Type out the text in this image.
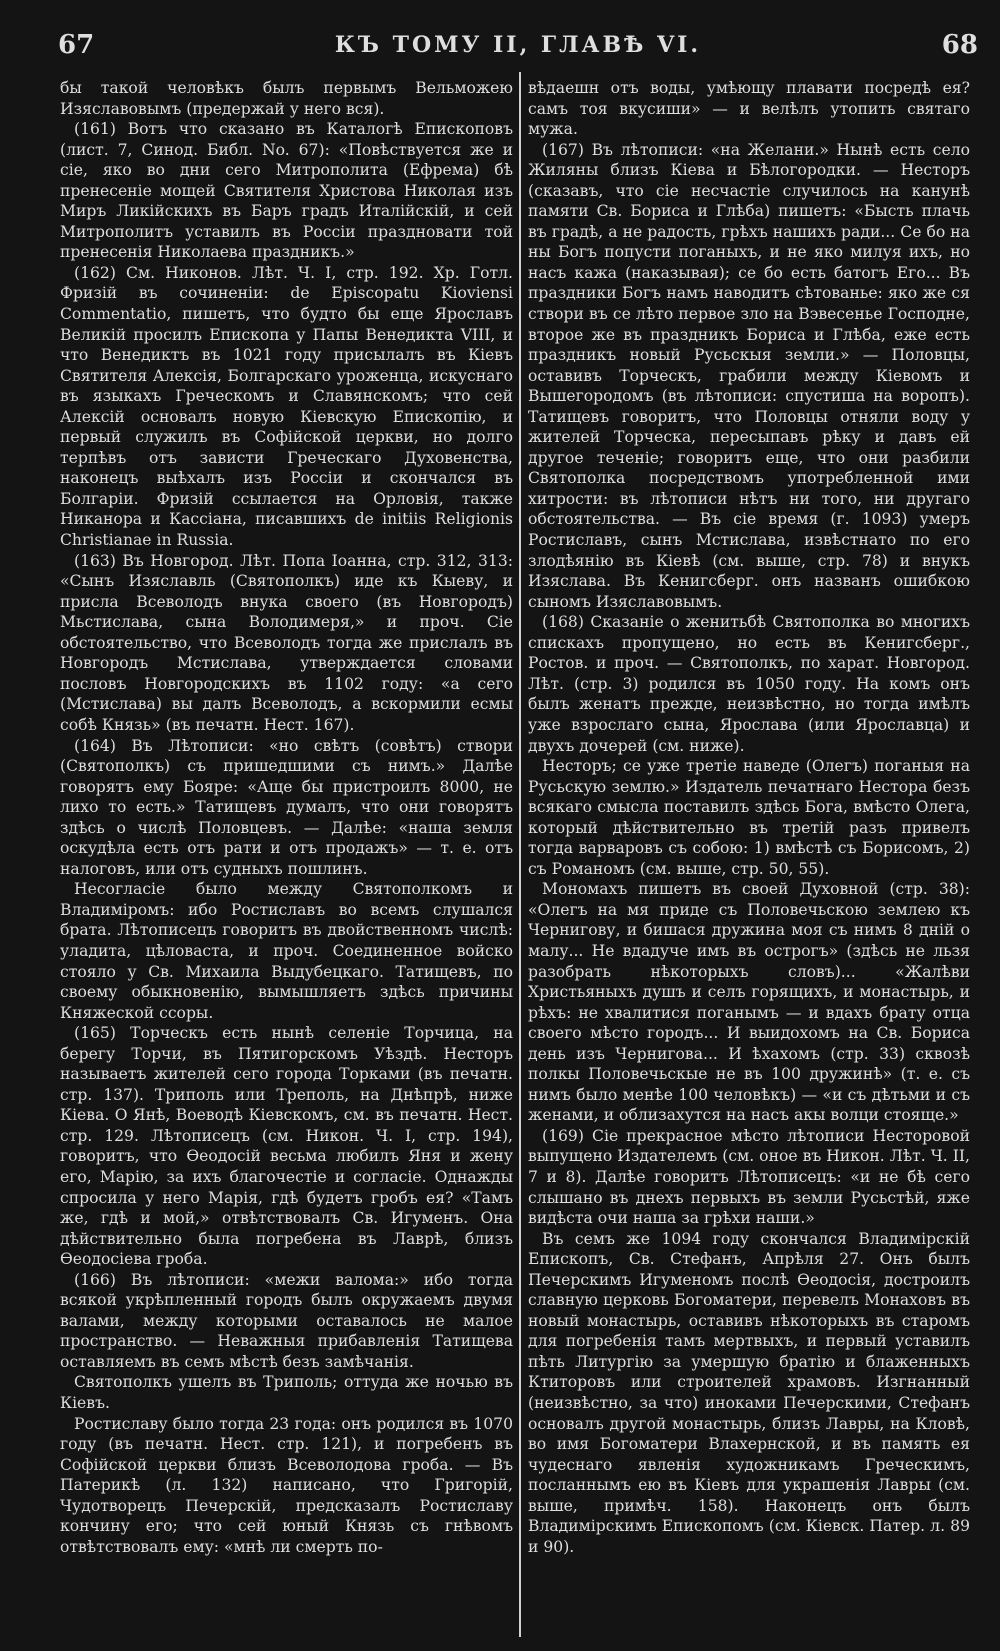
67	КЪ ТОМУ II, ГЛАВѢ VI.	68

бы такой человѣкъ былъ первымъ Вельможею Изяславовымъ (предержай у него вся).

(161) Вотъ что сказано въ Каталогѣ Епископовъ (лист. 7, Синод. Библ. No. 67): «Повѣствуется же и сіе, яко во дни сего Митрополита (Ефрема) бѣ пренесеніе мощей Святителя Христова Николая изъ Миръ Ликійскихъ въ Баръ градъ Италійскій, и сей Митрополитъ уставилъ въ Россіи праздновати той пренесенія Николаева праздникъ.»

(162) См. Никонов. Лѣт. Ч. I, стр. 192. Хр. Готл. Фризій въ сочиненіи: de Episcopatu Kioviensi Commentatio, пишетъ, что будто бы еще Ярославъ Великій просилъ Епископа у Папы Венедикта VIII, и что Венедиктъ въ 1021 году присылалъ въ Кіевъ Святителя Алексія, Болгарскаго уроженца, искуснаго въ языкахъ Греческомъ и Славянскомъ; что сей Алексій основалъ новую Кіевскую Епископію, и первый служилъ въ Софійской церкви, но долго терпѣвъ отъ зависти Греческаго Духовенства, наконецъ выѣхалъ изъ Россіи и скончался въ Болгаріи. Фризій ссылается на Орловія, также Никанора и Кассіана, писавшихъ de initiis Religionis Christianae in Russia.

(163) Въ Новгород. Лѣт. Попа Іоанна, стр. 312, 313: «Сынъ Изяславль (Святополкъ) иде къ Кыеву, и присла Всеволодъ внука своего (въ Новгородъ) Мьстислава, сына Володимеря,» и проч. Сіе обстоятельство, что Всеволодъ тогда же прислалъ въ Новгородъ Мстислава, утверждается словами пословъ Новгородскихъ въ 1102 году: «а сего (Мстислава) вы далъ Всеволодъ, а вскормили есмы собѣ Князь» (въ печатн. Нест. 167).

(164) Въ Лѣтописи: «но свѣтъ (совѣтъ) створи (Святополкъ) съ пришедшими съ нимъ.» Далѣе говорятъ ему Бояре: «Аще бы пристроилъ 8000, не лихо то есть.» Татищевъ думалъ, что они говорятъ здѣсь о числѣ Половцевъ. — Далѣе: «наша земля оскудѣла есть отъ рати и отъ продажъ» — т. е. отъ налоговъ, или отъ судныхъ пошлинъ.

Несогласіе было между Святополкомъ и Владиміромъ: ибо Ростиславъ во всемъ слушался брата. Лѣтописецъ говоритъ въ двойственномъ числѣ: уладита, цѣловаста, и проч. Соединенное войско стояло у Св. Михаила Выдубецкаго. Татищевъ, по своему обыкновенію, вымышляетъ здѣсь причины Княжеской ссоры.

(165) Торческъ есть нынѣ селеніе Торчица, на берегу Торчи, въ Пятигорскомъ Уѣздѣ. Несторъ называетъ жителей сего города Торками (въ печатн. стр. 137). Триполь или Треполь, на Днѣпрѣ, ниже Кіева. О Янѣ, Воеводѣ Кіевскомъ, см. въ печатн. Нест. стр. 129. Лѣтописецъ (см. Никон. Ч. I, стр. 194), говоритъ, что Ѳеодосій весьма любилъ Яня и жену его, Марію, за ихъ благочестіе и согласіе. Однажды спросила у него Марія, гдѣ будетъ гробъ ея? «Тамъ же, гдѣ и мой,» отвѣтствовалъ Св. Игуменъ. Она дѣйствительно была погребена въ Лаврѣ, близъ Ѳеодосіева гроба.

(166) Въ лѣтописи: «межи валома:» ибо тогда всякой укрѣпленный городъ былъ окружаемъ двумя валами, между которыми оставалось не малое пространство. — Неважныя прибавленія Татищева оставляемъ въ семъ мѣстѣ безъ замѣчанія.

Святополкъ ушелъ въ Триполь; оттуда же ночью въ Кіевъ.

Ростиславу было тогда 23 года: онъ родился въ 1070 году (въ печатн. Нест. стр. 121), и погребенъ въ Софійской церкви близъ Всеволодова гроба. — Въ Патерикѣ (л. 132) написано, что Григорій, Чудотворецъ Печерскій, предсказалъ Ростиславу кончину его; что сей юный Князь съ гнѣвомъ отвѣтствовалъ ему: «мнѣ ли смерть по-

вѣдаешн отъ воды, умѣющу плавати посредѣ ея? самъ тоя вкусиши» — и велѣлъ утопить святаго мужа.

(167) Въ лѣтописи: «на Желани.» Нынѣ есть село Жиляны близъ Кіева и Бѣлогородки. — Несторъ (сказавъ, что сіе несчастіе случилось на канунѣ памяти Св. Бориса и Глѣба) пишетъ: «Бысть плачь въ градѣ, а не радость, грѣхъ нашихъ ради... Се бо на ны Богъ попусти поганыхъ, и не яко милуя ихъ, но насъ кажа (наказывая); се бо есть батогъ Его... Въ праздники Богъ намъ наводитъ сѣтованье: яко же ся створи въ се лѣто первое зло на Вэвесенье Господне, второе же въ праздникъ Бориса и Глѣба, еже есть праздникъ новый Русьскыя земли.» — Половцы, оставивъ Торческъ, грабили между Кіевомъ и Вышегородомъ (въ лѣтописи: спустиша на воропъ). Татищевъ говоритъ, что Половцы отняли воду у жителей Торческа, пересыпавъ рѣку и давъ ей другое теченіе; говоритъ еще, что они разбили Святополка посредствомъ употребленной ими хитрости: въ лѣтописи нѣтъ ни того, ни другаго обстоятельства. — Въ сіе время (г. 1093) умеръ Ростиславъ, сынъ Мстислава, извѣстнато по его злодѣянію въ Кіевѣ (см. выше, стр. 78) и внукъ Изяслава. Въ Кенигсберг. онъ названъ ошибкою сыномъ Изяславовымъ.

(168) Сказаніе о женитьбѣ Святополка во многихъ спискахъ пропущено, но есть въ Кенигсберг., Ростов. и проч. — Святополкъ, по харат. Новгород. Лѣт. (стр. 3) родился въ 1050 году. На комъ онъ былъ женатъ прежде, неизвѣстно, но тогда имѣлъ уже взрослаго сына, Ярослава (или Ярославца) и двухъ дочерей (см. ниже).

Несторъ; се уже третіе наведе (Олегъ) поганыя на Русьскую землю.» Издатель печатнаго Нестора безъ всякаго смысла поставилъ здѣсь Бога, вмѣсто Олега, который дѣйствительно въ третій разъ привелъ тогда варваровъ съ собою: 1) вмѣстѣ съ Борисомъ, 2) съ Романомъ (см. выше, стр. 50, 55).

Мономахъ пишетъ въ своей Духовной (стр. 38): «Олегъ на мя приде съ Половечьскою землею къ Чернигову, и бишася дружина моя съ нимъ 8 дній о малу... Не вдадуче имъ въ острогъ» (здѣсь не льзя разобрать нѣкоторыхъ словъ)... «Жалѣви Христьяныхъ душъ и селъ горящихъ, и монастырь, и рѣхъ: не хвалитися поганымъ — и вдахъ брату отца своего мѣсто городъ... И выидохомъ на Св. Бориса день изъ Чернигова... И ѣхахомъ (стр. 33) сквозѣ полкы Половечьскые не въ 100 дружинѣ» (т. е. съ нимъ было менѣе 100 человѣкъ) — «и съ дѣтьми и съ женами, и облизахутся на насъ акы волци стояще.»

(169) Сіе прекрасное мѣсто лѣтописи Несторовой выпущено Издателемъ (см. оное въ Никон. Лѣт. Ч. II, 7 и 8). Далѣе говоритъ Лѣтописецъ: «и не бѣ сего слышано въ днехъ первыхъ въ земли Русьстѣй, яже видѣста очи наша за грѣхи наши.»

Въ семъ же 1094 году скончался Владимірскій Епископъ, Св. Стефанъ, Апрѣля 27. Онъ былъ Печерскимъ Игуменомъ послѣ Ѳеодосія, достроилъ славную церковь Богоматери, перевелъ Монаховъ въ новый монастырь, оставивъ нѣкоторыхъ въ старомъ для погребенія тамъ мертвыхъ, и первый уставилъ пѣть Литургію за умершую братію и блаженныхъ Ктиторовъ или строителей храмовъ. Изгнанный (неизвѣстно, за что) иноками Печерскими, Стефанъ основалъ другой монастырь, близъ Лавры, на Кловѣ, во имя Богоматери Влахернской, и въ память ея чудеснаго явленія художникамъ Греческимъ, посланнымъ ею въ Кіевъ для украшенія Лавры (см. выше, примѣч. 158). Наконецъ онъ былъ Владимірскимъ Епископомъ (см. Кіевск. Патер. л. 89 и 90).
